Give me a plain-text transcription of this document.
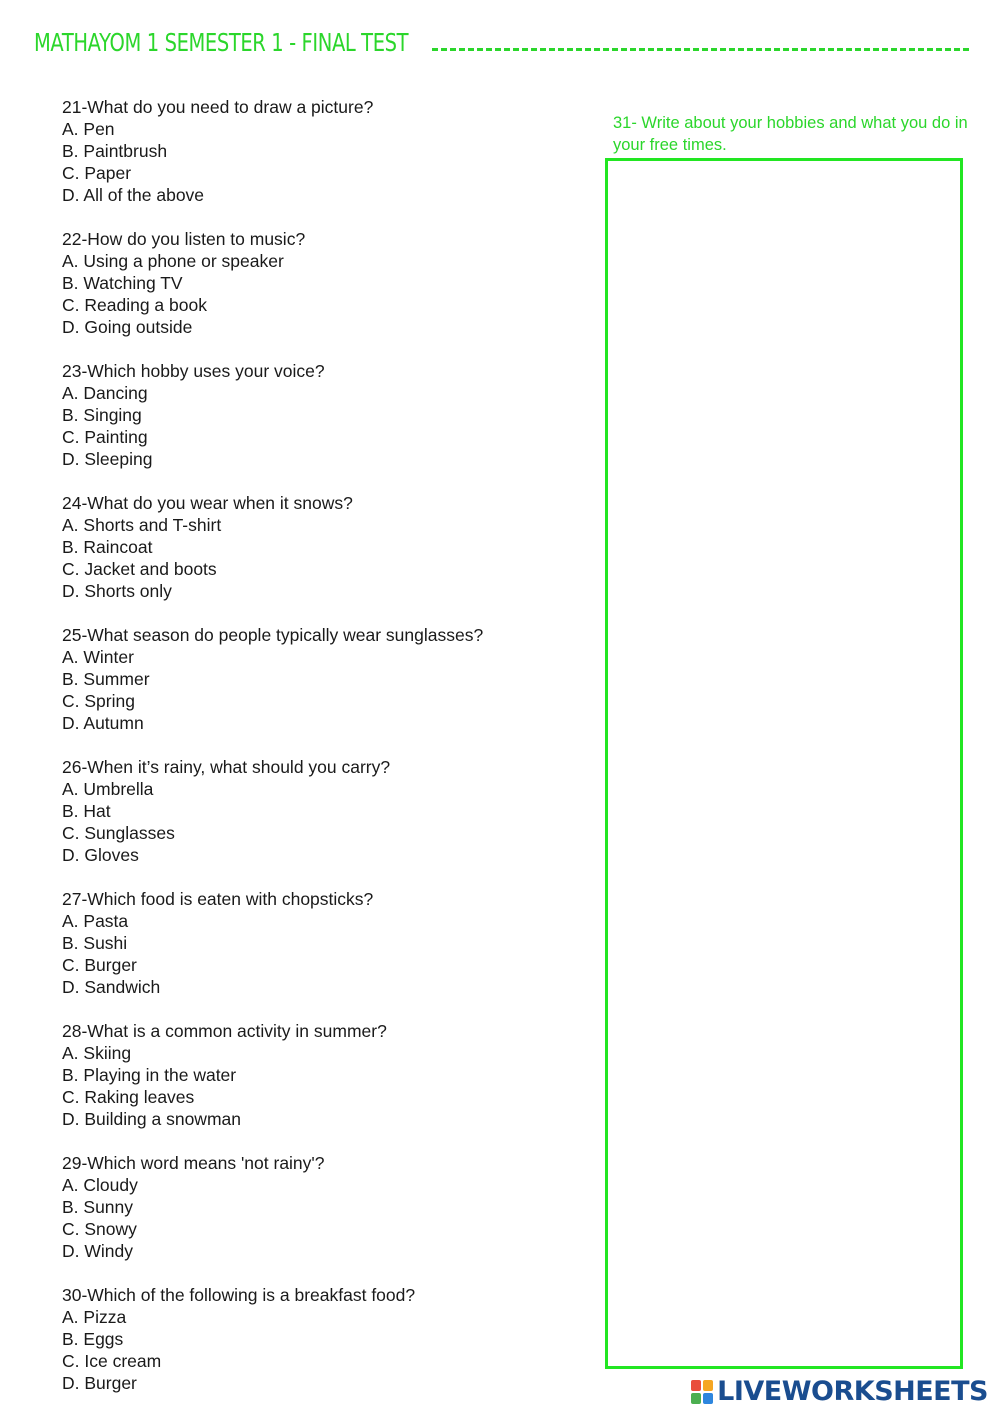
MATHAYOM 1 SEMESTER 1 - FINAL TEST
21-What do you need to draw a picture?
A. Pen
B. Paintbrush
C. Paper
D. All of the above
22-How do you listen to music?
A. Using a phone or speaker
B. Watching TV
C. Reading a book
D. Going outside
23-Which hobby uses your voice?
A. Dancing
B. Singing
C. Painting
D. Sleeping
24-What do you wear when it snows?
A. Shorts and T-shirt
B. Raincoat
C. Jacket and boots
D. Shorts only
25-What season do people typically wear sunglasses?
A. Winter
B. Summer
C. Spring
D. Autumn
26-When it’s rainy, what should you carry?
A. Umbrella
B. Hat
C. Sunglasses
D. Gloves
27-Which food is eaten with chopsticks?
A. Pasta
B. Sushi
C. Burger
D. Sandwich
28-What is a common activity in summer?
A. Skiing
B. Playing in the water
C. Raking leaves
D. Building a snowman
29-Which word means 'not rainy'?
A. Cloudy
B. Sunny
C. Snowy
D. Windy
30-Which of the following is a breakfast food?
A. Pizza
B. Eggs
C. Ice cream
D. Burger
31- Write about your hobbies and what you do in your free times.
LIVEWORKSHEETS
